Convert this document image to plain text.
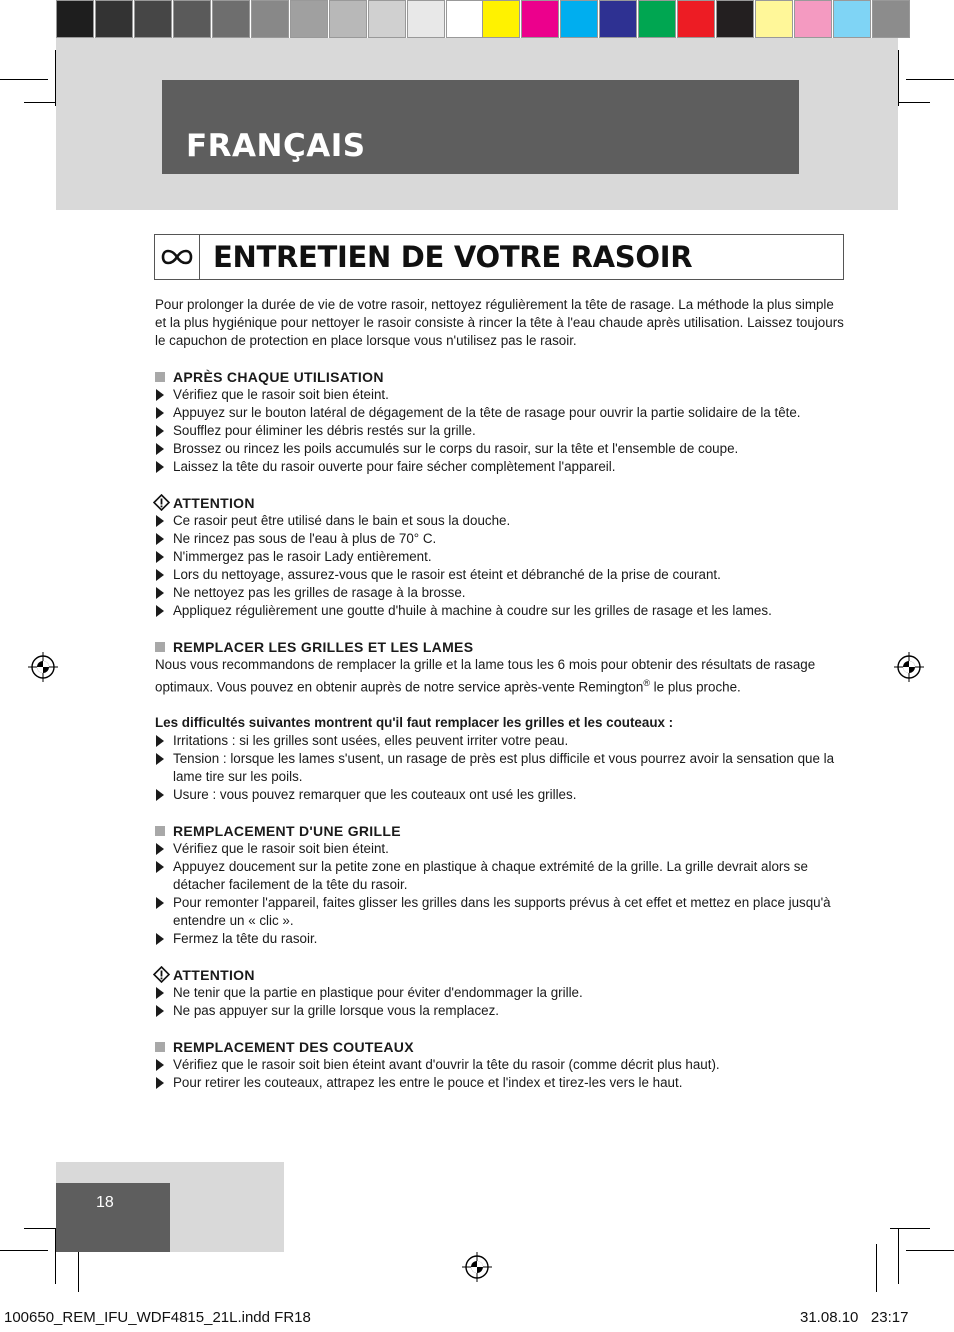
FRANÇAIS
ENTRETIEN DE VOTRE RASOIR

Pour prolonger la durée de vie de votre rasoir, nettoyez régulièrement la tête de rasage. La méthode la plus simple et la plus hygiénique pour nettoyer le rasoir consiste à rincer la tête à l'eau chaude après utilisation. Laissez toujours le capuchon de protection en place lorsque vous n'utilisez pas le rasoir.

APRÈS CHAQUE UTILISATION
Vérifiez que le rasoir soit bien éteint.
Appuyez sur le bouton latéral de dégagement de la tête de rasage pour ouvrir la partie solidaire de la tête.
Soufflez pour éliminer les débris restés sur la grille.
Brossez ou rincez les poils accumulés sur le corps du rasoir, sur la tête et l'ensemble de coupe.
Laissez la tête du rasoir ouverte pour faire sécher complètement l'appareil.
ATTENTION
Ce rasoir peut être utilisé dans le bain et sous la douche.
Ne rincez pas sous de l'eau à plus de 70° C.
N'immergez pas le rasoir Lady entièrement.
Lors du nettoyage, assurez-vous que le rasoir est éteint et débranché de la prise de courant.
Ne nettoyez pas les grilles de rasage à la brosse.
Appliquez régulièrement une goutte d'huile à machine à coudre sur les grilles de rasage et les lames.
REMPLACER LES GRILLES ET LES LAMES

Nous vous recommandons de remplacer la grille et la lame tous les 6 mois pour obtenir des résultats de rasage optimaux. Vous pouvez en obtenir auprès de notre service après-vente Remington® le plus proche.

Les difficultés suivantes montrent qu'il faut remplacer les grilles et les couteaux :

Irritations : si les grilles sont usées, elles peuvent irriter votre peau.
Tension : lorsque les lames s'usent, un rasage de près est plus difficile et vous pourrez avoir la sensation que la lame tire sur les poils.
Usure : vous pouvez remarquer que les couteaux ont usé les grilles.
REMPLACEMENT D'UNE GRILLE
Vérifiez que le rasoir soit bien éteint.
Appuyez doucement sur la petite zone en plastique à chaque extrémité de la grille. La grille devrait alors se détacher facilement de la tête du rasoir.
Pour remonter l'appareil, faites glisser les grilles dans les supports prévus à cet effet et mettez en place jusqu'à entendre un « clic ».
Fermez la tête du rasoir.
ATTENTION
Ne tenir que la partie en plastique pour éviter d'endommager la grille.
Ne pas appuyer sur la grille lorsque vous la remplacez.
REMPLACEMENT DES COUTEAUX
Vérifiez que le rasoir soit bien éteint avant d'ouvrir la tête du rasoir (comme décrit plus haut).
Pour retirer les couteaux, attrapez les entre le pouce et l'index et tirez-les vers le haut.
18
100650_REM_IFU_WDF4815_21L.indd FR18	31.08.10   23:17
